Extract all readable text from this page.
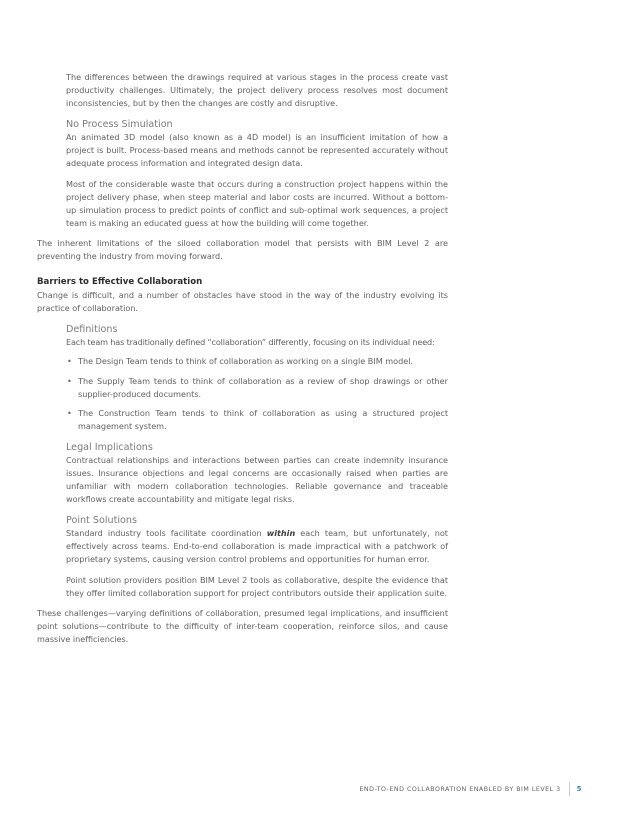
The differences between the drawings required at various stages in the process create vast productivity challenges. Ultimately, the project delivery process resolves most document inconsistencies, but by then the changes are costly and disruptive.

No Process Simulation

An animated 3D model (also known as a 4D model) is an insufficient imitation of how a project is built. Process-based means and methods cannot be represented accurately without adequate process information and integrated design data.

Most of the considerable waste that occurs during a construction project happens within the project delivery phase, when steep material and labor costs are incurred. Without a bottom-up simulation process to predict points of conflict and sub-optimal work sequences, a project team is making an educated guess at how the building will come together.

The inherent limitations of the siloed collaboration model that persists with BIM Level 2 are preventing the industry from moving forward.

Barriers to Effective Collaboration

Change is difficult, and a number of obstacles have stood in the way of the industry evolving its practice of collaboration.

Definitions

Each team has traditionally defined “collaboration” differently, focusing on its individual need:

• The Design Team tends to think of collaboration as working on a single BIM model.
• The Supply Team tends to think of collaboration as a review of shop drawings or other supplier-produced documents.
• The Construction Team tends to think of collaboration as using a structured project management system.
Legal Implications

Contractual relationships and interactions between parties can create indemnity insurance issues. Insurance objections and legal concerns are occasionally raised when parties are unfamiliar with modern collaboration technologies. Reliable governance and traceable workflows create accountability and mitigate legal risks.

Point Solutions

Standard industry tools facilitate coordination within each team, but unfortunately, not effectively across teams. End-to-end collaboration is made impractical with a patchwork of proprietary systems, causing version control problems and opportunities for human error.

Point solution providers position BIM Level 2 tools as collaborative, despite the evidence that they offer limited collaboration support for project contributors outside their application suite.

These challenges—varying definitions of collaboration, presumed legal implications, and insufficient point solutions—contribute to the difficulty of inter-team cooperation, reinforce silos, and cause massive inefficiencies.

END-TO-END COLLABORATION ENABLED BY BIM LEVEL 3 5
